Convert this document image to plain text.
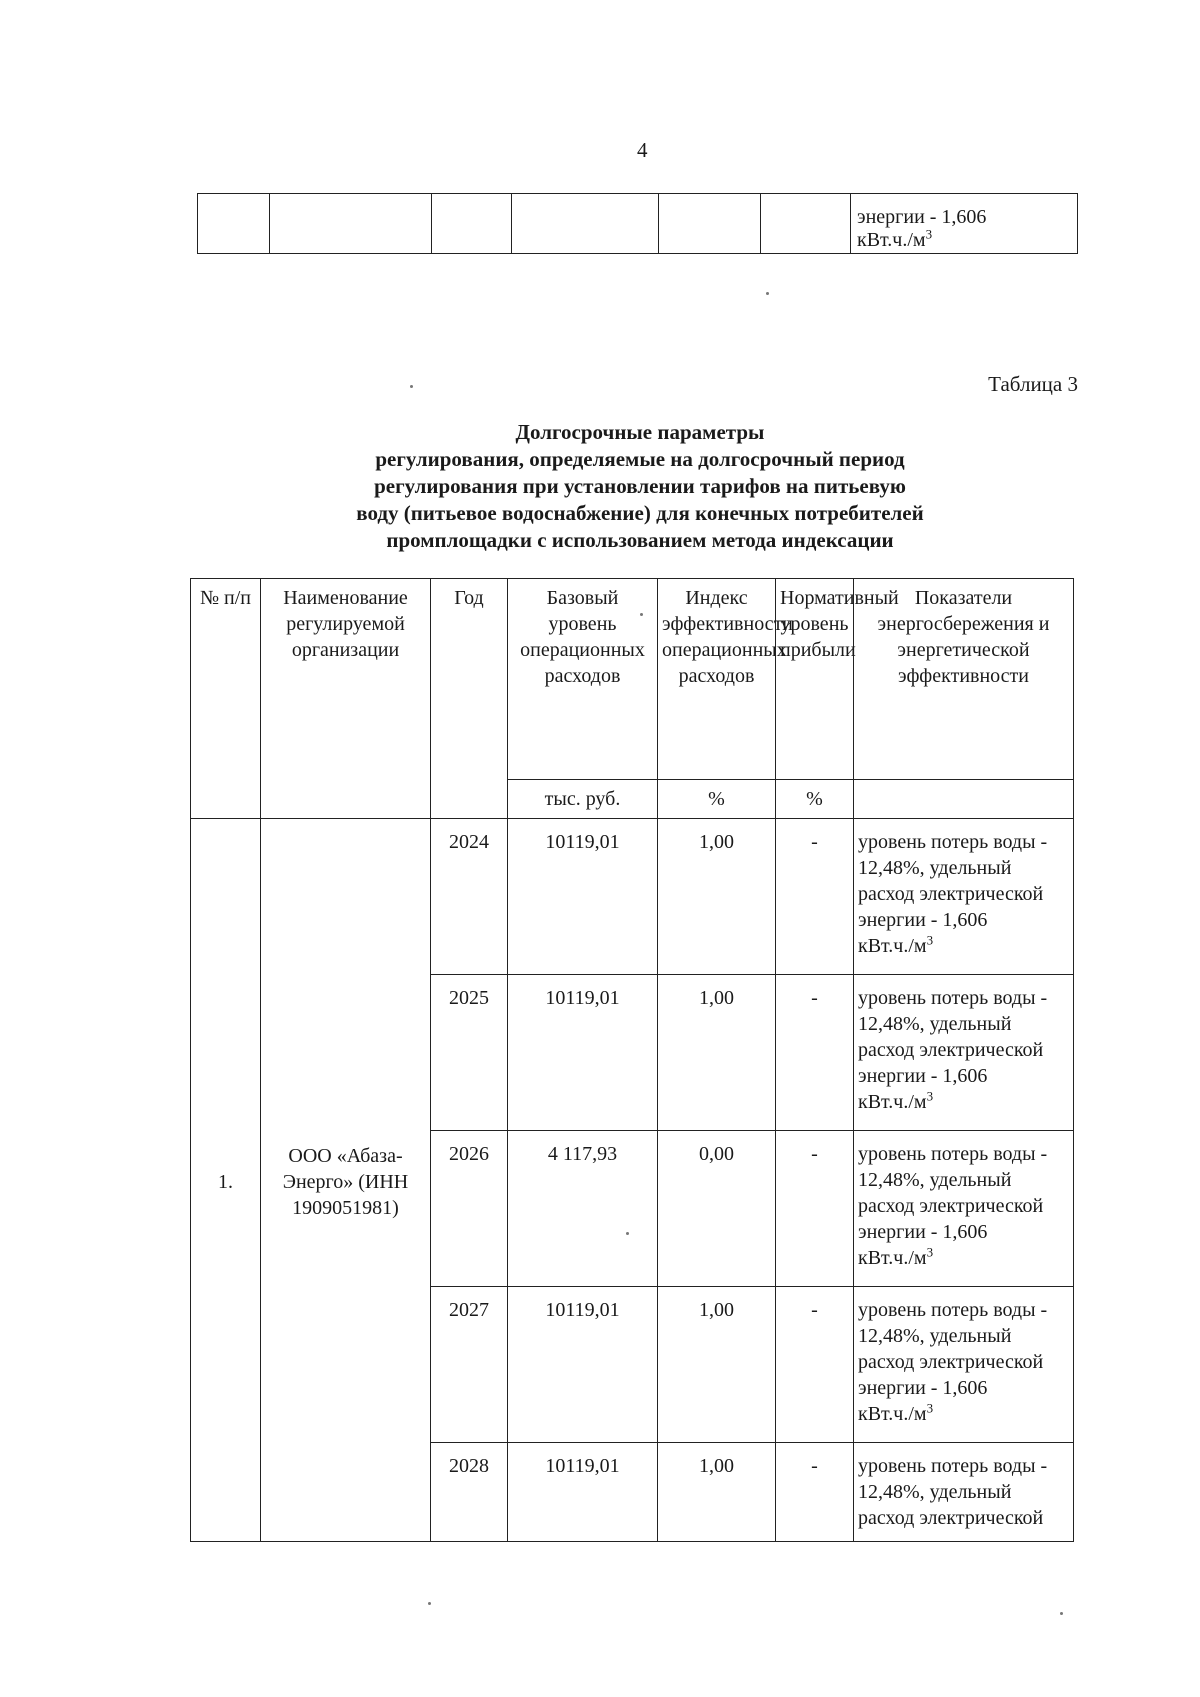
4
						энергии - 1,606
$кВт.ч./м^3$
Таблица 3
Долгосрочные параметры
регулирования, определяемые на долгосрочный период
регулирования при установлении тарифов на питьевую
воду (питьевое водоснабжение) для конечных потребителей
промплощадки с использованием метода индексации
№ п/п	Наименование регулируемой организации	Год	Базовый уровень операционных расходов	Индекс эффективности операционных расходов	Нормативный уровень прибыли	Показатели энергосбережения и энергетической эффективности
			тыс. руб.	%	%	
1.	ООО «Абаза-Энерго» (ИНН 1909051981)	2024	10119,01	1,00	-	уровень потерь воды -
12,48%, удельный
расход электрической
энергии - 1,606
$кВт.ч./м^3$
		2025	10119,01	1,00	-	уровень потерь воды -
12,48%, удельный
расход электрической
энергии - 1,606
$кВт.ч./м^3$
		2026	4 117,93	0,00	-	уровень потерь воды -
12,48%, удельный
расход электрической
энергии - 1,606
$кВт.ч./м^3$
		2027	10119,01	1,00	-	уровень потерь воды -
12,48%, удельный
расход электрической
энергии - 1,606
$кВт.ч./м^3$
		2028	10119,01	1,00	-	уровень потерь воды -
12,48%, удельный
расход электрической
